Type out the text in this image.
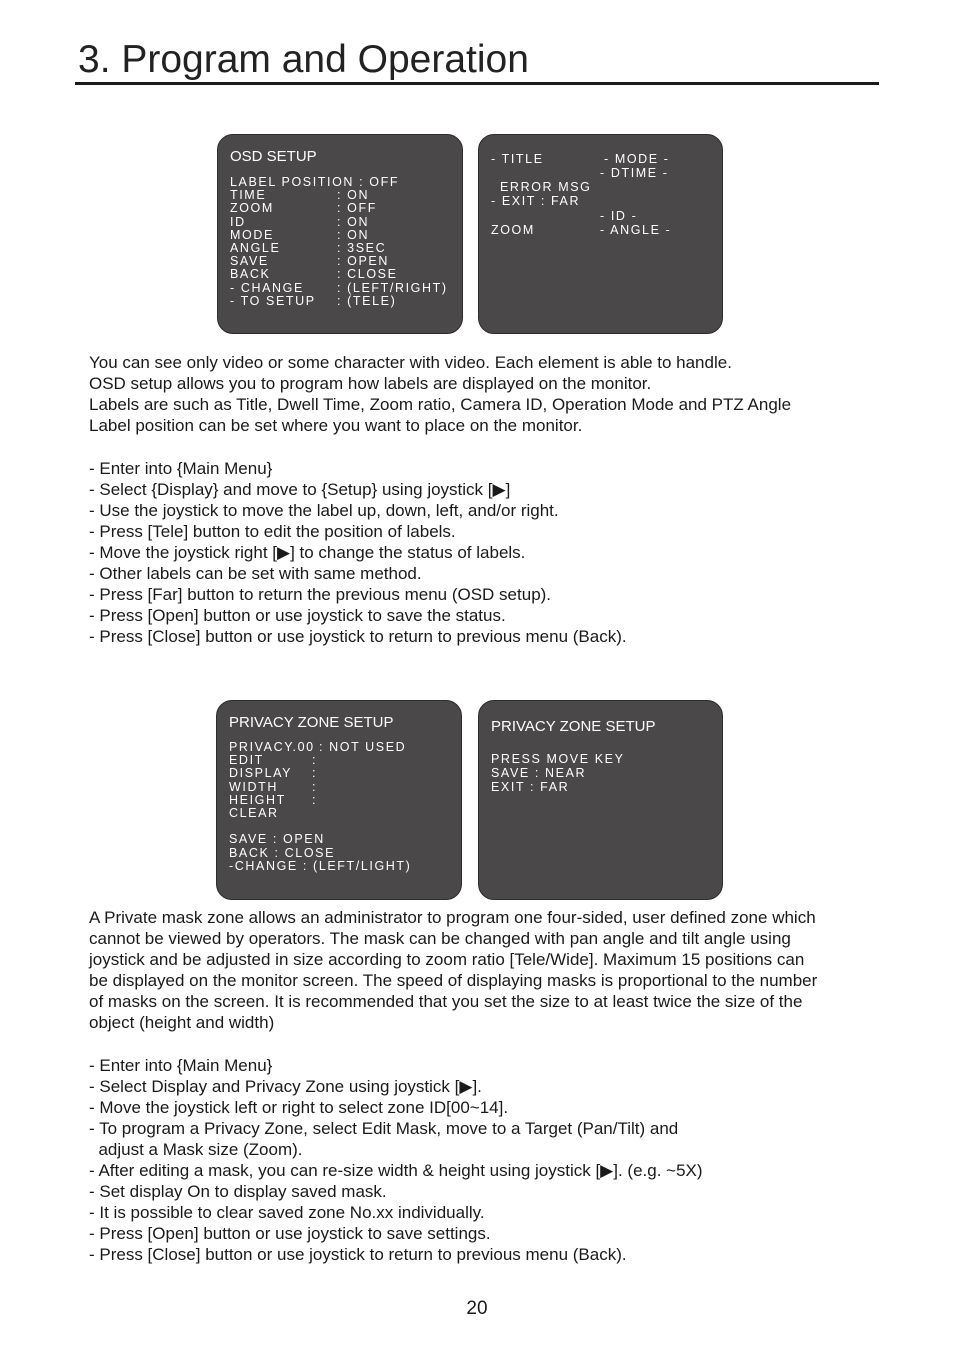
3. Program and Operation
OSD SETUP
LABEL POSITION : OFF
TIME	: ON
ZOOM	: OFF
ID	: ON
MODE	: ON
ANGLE	: 3SEC
SAVE	: OPEN
BACK	: CLOSE
- CHANGE	: (LEFT/RIGHT)
- TO SETUP : (TELE)
- TITLE	- MODE -
- DTIME -
ERROR MSG
- EXIT : FAR
- ID -
ZOOM	- ANGLE -

You can see only video or some character with video. Each element is able to handle.

OSD setup allows you to program how labels are displayed on the monitor.

Labels are such as Title, Dwell Time, Zoom ratio, Camera ID, Operation Mode and PTZ Angle

Label position can be set where you want to place on the monitor.

- Enter into {Main Menu}
- Select {Display} and move to {Setup} using joystick [▶]
- Use the joystick to move the label up, down, left, and/or right.
- Press [Tele] button to edit the position of labels.
- Move the joystick right [▶] to change the status of labels.
- Other labels can be set with same method.
- Press [Far] button to return the previous menu (OSD setup).
- Press [Open] button or use joystick to save the status.
- Press [Close] button or use joystick to return to previous menu (Back).
PRIVACY ZONE SETUP
PRIVACY.00 : NOT USED
EDIT	:
DISPLAY :
WIDTH	:
HEIGHT :
CLEAR
SAVE : OPEN
BACK : CLOSE
-CHANGE : (LEFT/LIGHT)
PRIVACY ZONE SETUP
PRESS MOVE KEY
SAVE : NEAR
EXIT : FAR

A Private mask zone allows an administrator to program one four-sided, user defined zone which

cannot be viewed by operators. The mask can be changed with pan angle and tilt angle using

joystick and be adjusted in size according to zoom ratio [Tele/Wide]. Maximum 15 positions can

be displayed on the monitor screen. The speed of displaying masks is proportional to the number

of masks on the screen. It is recommended that you set the size to at least twice the size of the

object (height and width)

- Enter into {Main Menu}
- Select Display and Privacy Zone using joystick [▶].
- Move the joystick left or right to select zone ID[00~14].
- To program a Privacy Zone, select Edit Mask, move to a Target (Pan/Tilt) and
adjust a Mask size (Zoom).
- After editing a mask, you can re-size width & height using joystick [▶]. (e.g. ~5X)
- Set display On to display saved mask.
- It is possible to clear saved zone No.xx individually.
- Press [Open] button or use joystick to save settings.
- Press [Close] button or use joystick to return to previous menu (Back).
20
